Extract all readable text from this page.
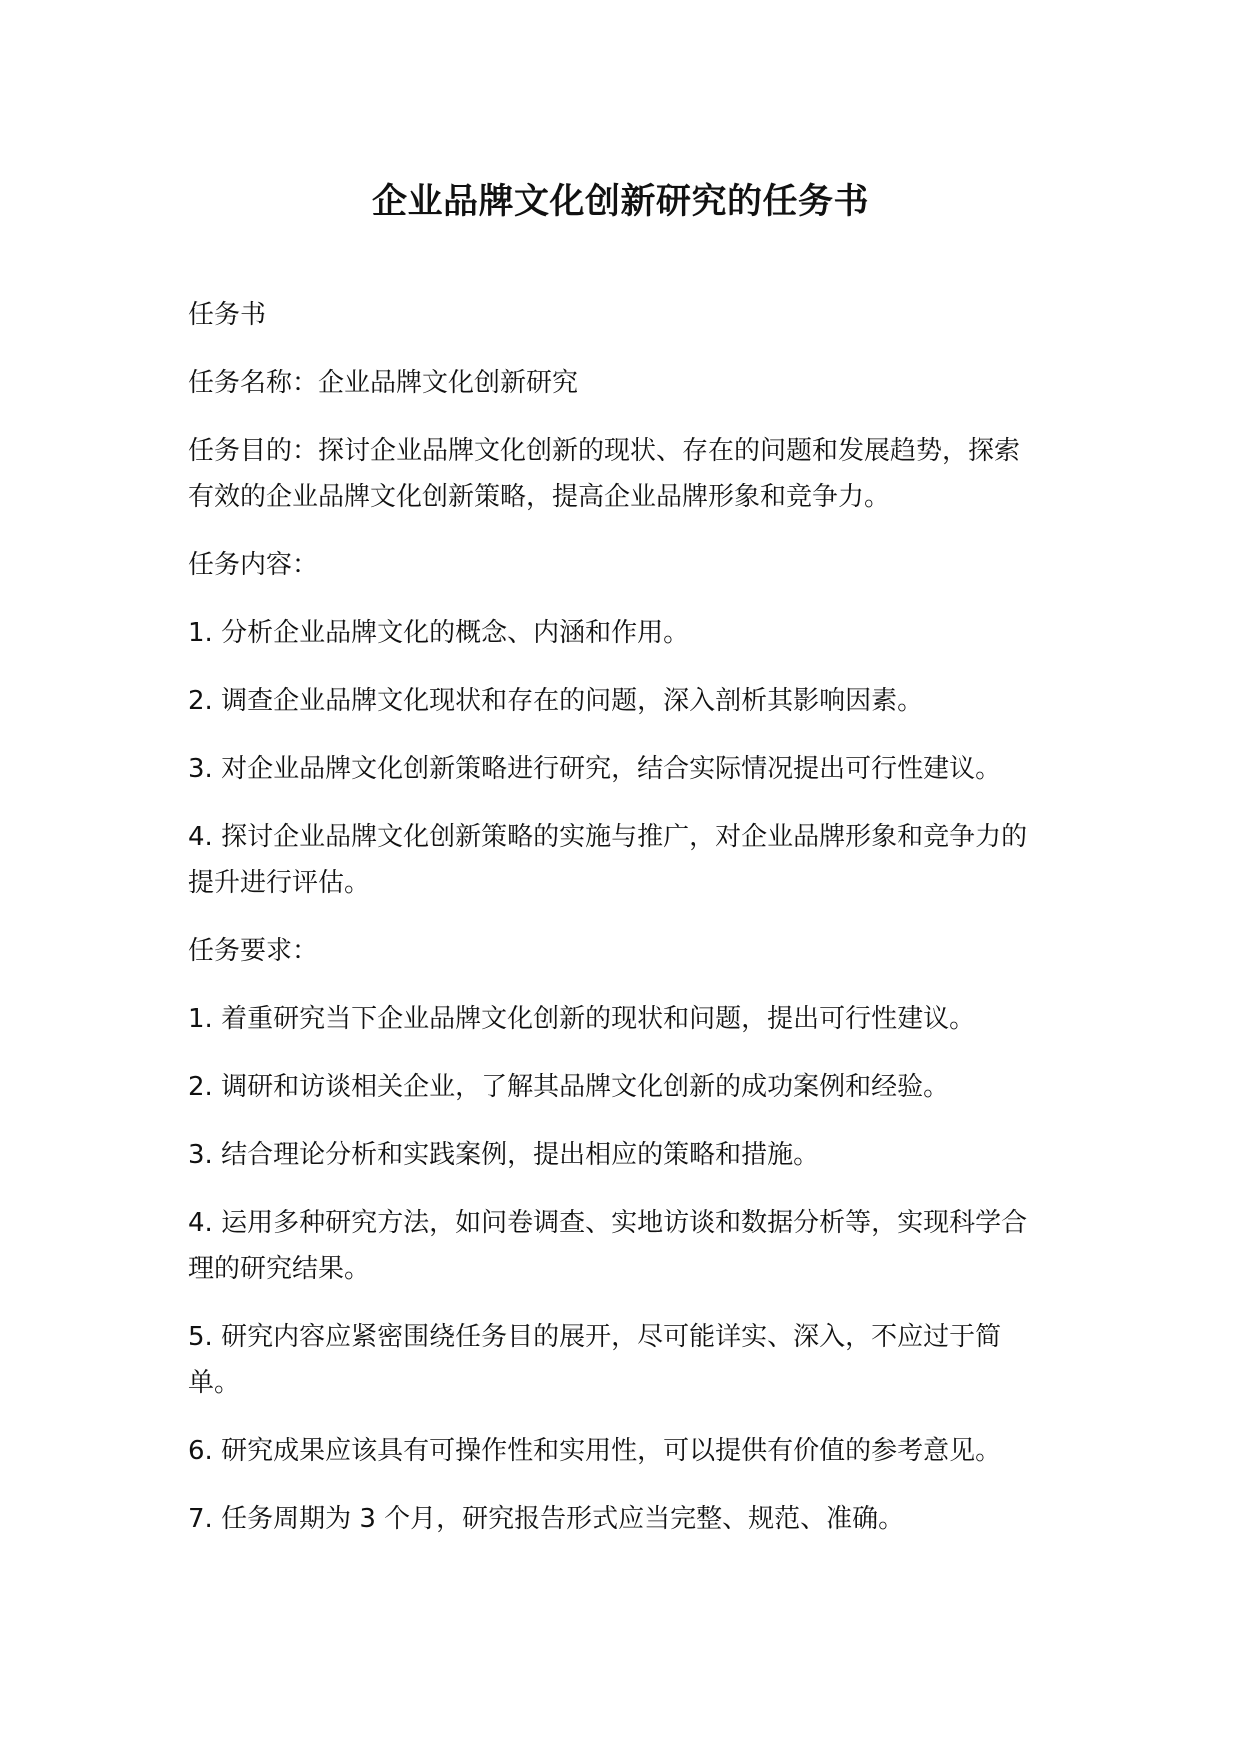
企业品牌文化创新研究的任务书

任务书

任务名称：企业品牌文化创新研究

任务目的：探讨企业品牌文化创新的现状、存在的问题和发展趋势，探索有效的企业品牌文化创新策略，提高企业品牌形象和竞争力。

任务内容：

1. 分析企业品牌文化的概念、内涵和作用。

2. 调查企业品牌文化现状和存在的问题，深入剖析其影响因素。

3. 对企业品牌文化创新策略进行研究，结合实际情况提出可行性建议。

4. 探讨企业品牌文化创新策略的实施与推广，对企业品牌形象和竞争力的提升进行评估。

任务要求：

1. 着重研究当下企业品牌文化创新的现状和问题，提出可行性建议。

2. 调研和访谈相关企业，了解其品牌文化创新的成功案例和经验。

3. 结合理论分析和实践案例，提出相应的策略和措施。

4. 运用多种研究方法，如问卷调查、实地访谈和数据分析等，实现科学合理的研究结果。

5. 研究内容应紧密围绕任务目的展开，尽可能详实、深入，不应过于简单。

6. 研究成果应该具有可操作性和实用性，可以提供有价值的参考意见。

7. 任务周期为 3 个月，研究报告形式应当完整、规范、准确。
